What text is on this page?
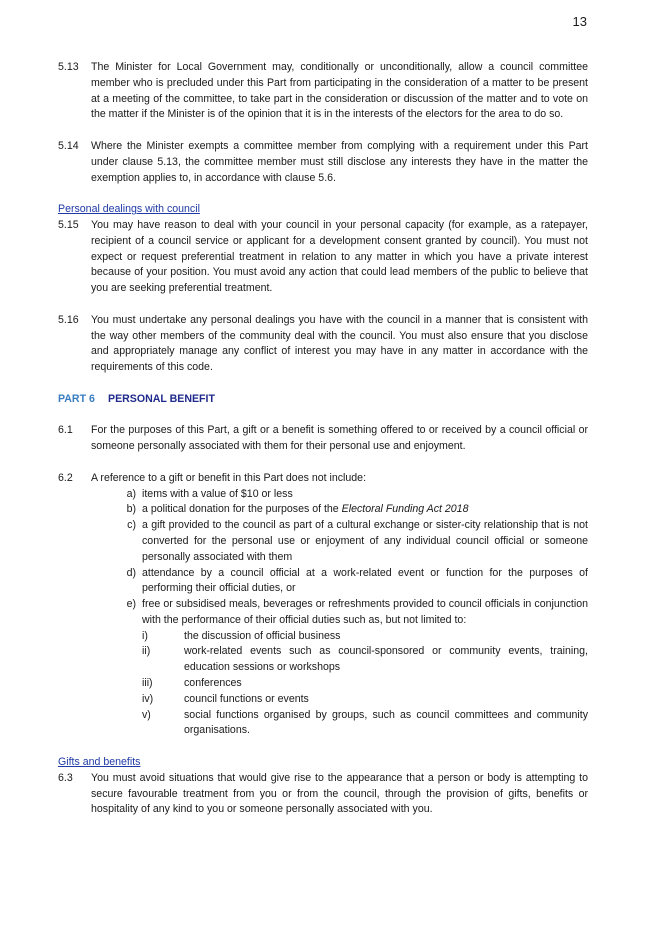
13
5.13	The Minister for Local Government may, conditionally or unconditionally, allow a council committee member who is precluded under this Part from participating in the consideration of a matter to be present at a meeting of the committee, to take part in the consideration or discussion of the matter and to vote on the matter if the Minister is of the opinion that it is in the interests of the electors for the area to do so.
5.14	Where the Minister exempts a committee member from complying with a requirement under this Part under clause 5.13, the committee member must still disclose any interests they have in the matter the exemption applies to, in accordance with clause 5.6.
Personal dealings with council
5.15	You may have reason to deal with your council in your personal capacity (for example, as a ratepayer, recipient of a council service or applicant for a development consent granted by council). You must not expect or request preferential treatment in relation to any matter in which you have a private interest because of your position. You must avoid any action that could lead members of the public to believe that you are seeking preferential treatment.
5.16	You must undertake any personal dealings you have with the council in a manner that is consistent with the way other members of the community deal with the council. You must also ensure that you disclose and appropriately manage any conflict of interest you may have in any matter in accordance with the requirements of this code.
PART 6	PERSONAL BENEFIT
6.1	For the purposes of this Part, a gift or a benefit is something offered to or received by a council official or someone personally associated with them for their personal use and enjoyment.
6.2	A reference to a gift or benefit in this Part does not include:
a) items with a value of $10 or less
b) a political donation for the purposes of the Electoral Funding Act 2018
c) a gift provided to the council as part of a cultural exchange or sister-city relationship that is not converted for the personal use or enjoyment of any individual council official or someone personally associated with them
d) attendance by a council official at a work-related event or function for the purposes of performing their official duties, or
e) free or subsidised meals, beverages or refreshments provided to council officials in conjunction with the performance of their official duties such as, but not limited to:
i)	the discussion of official business
ii)	work-related events such as council-sponsored or community events, training, education sessions or workshops
iii)	conferences
iv)	council functions or events
v)	social functions organised by groups, such as council committees and community organisations.
Gifts and benefits
6.3	You must avoid situations that would give rise to the appearance that a person or body is attempting to secure favourable treatment from you or from the council, through the provision of gifts, benefits or hospitality of any kind to you or someone personally associated with you.
